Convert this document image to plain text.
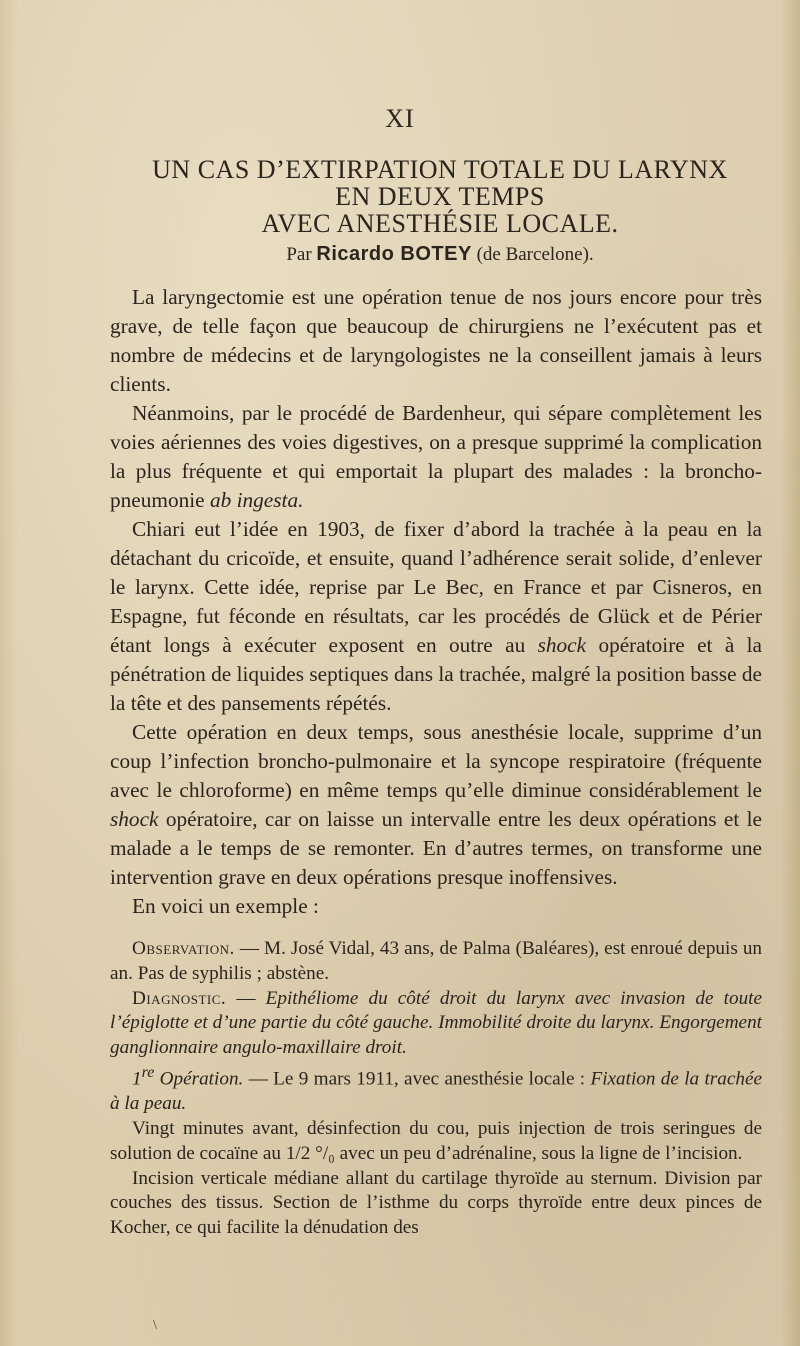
XI
UN CAS D’EXTIRPATION TOTALE DU LARYNX
EN DEUX TEMPS
AVEC ANESTHÉSIE LOCALE.
Par Ricardo BOTEY (de Barcelone).

La laryngectomie est une opération tenue de nos jours encore pour très grave, de telle façon que beaucoup de chirurgiens ne l’exécutent pas et nombre de médecins et de laryngologistes ne la conseillent jamais à leurs clients.

Néanmoins, par le procédé de Bardenheur, qui sépare complètement les voies aériennes des voies digestives, on a presque supprimé la complication la plus fréquente et qui emportait la plupart des malades : la broncho-pneumonie ab ingesta.

Chiari eut l’idée en 1903, de fixer d’abord la trachée à la peau en la détachant du cricoïde, et ensuite, quand l’adhérence serait solide, d’enlever le larynx. Cette idée, reprise par Le Bec, en France et par Cisneros, en Espagne, fut féconde en résultats, car les procédés de Glück et de Périer étant longs à exécuter exposent en outre au shock opératoire et à la pénétration de liquides septiques dans la trachée, malgré la position basse de la tête et des pansements répétés.

Cette opération en deux temps, sous anesthésie locale, supprime d’un coup l’infection broncho-pulmonaire et la syncope respiratoire (fréquente avec le chloroforme) en même temps qu’elle diminue considérablement le shock opératoire, car on laisse un intervalle entre les deux opérations et le malade a le temps de se remonter. En d’autres termes, on transforme une intervention grave en deux opérations presque inoffensives.

En voici un exemple :

Observation. — M. José Vidal, 43 ans, de Palma (Baléares), est enroué depuis un an. Pas de syphilis ; abstène.

Diagnostic. — Epithéliome du côté droit du larynx avec invasion de toute l’épiglotte et d’une partie du côté gauche. Immobilité droite du larynx. Engorgement ganglionnaire angulo-maxillaire droit.

1re Opération. — Le 9 mars 1911, avec anesthésie locale : Fixation de la trachée à la peau.

Vingt minutes avant, désinfection du cou, puis injection de trois seringues de solution de cocaïne au 1/2 °/₀ avec un peu d’adrénaline, sous la ligne de l’incision.

Incision verticale médiane allant du cartilage thyroïde au sternum. Division par couches des tissus. Section de l’isthme du corps thyroïde entre deux pinces de Kocher, ce qui facilite la dénudation des

\
